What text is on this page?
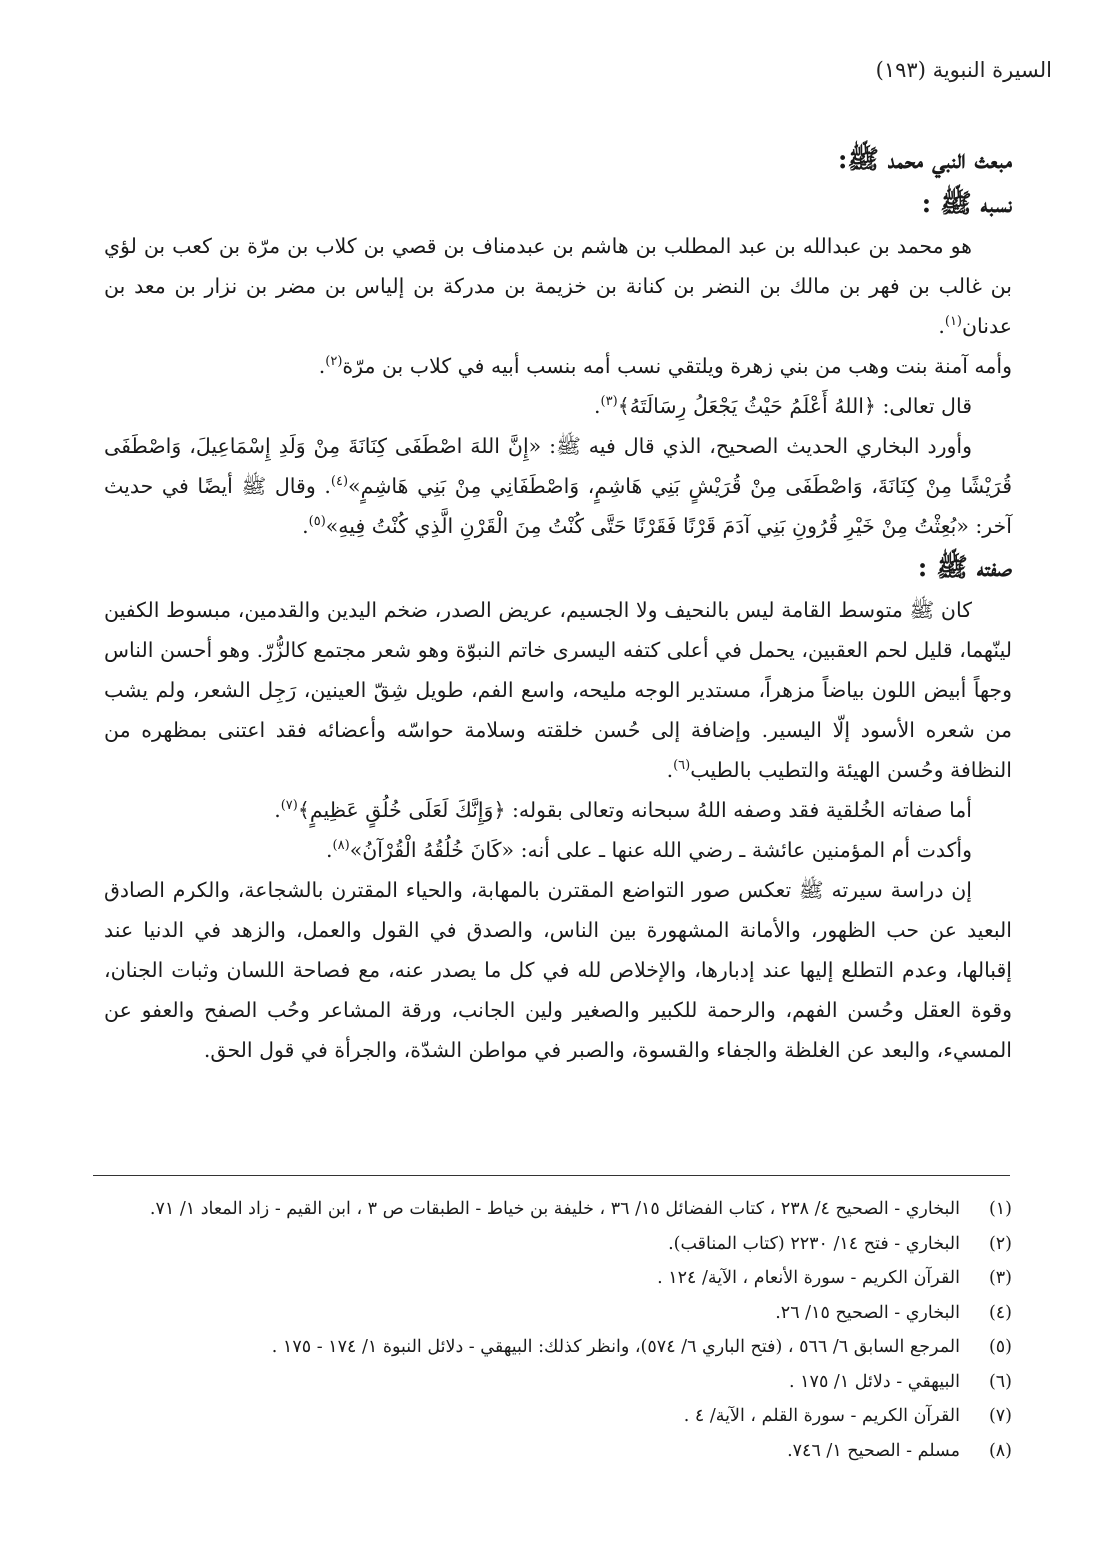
السيرة النبوية (١٩٣)
مبعث النبي محمد ﷺ:
نسبه ﷺ :

هو محمد بن عبدالله بن عبد المطلب بن هاشم بن عبدمناف بن قصي بن كلاب بن مرّة بن كعب بن لؤي بن غالب بن فهر بن مالك بن النضر بن كنانة بن خزيمة بن مدركة بن إلياس بن مضر بن نزار بن معد بن عدنان$^{(١)}$.

وأمه آمنة بنت وهب من بني زهرة ويلتقي نسب أمه بنسب أبيه في كلاب بن مرّة$^{(٢)}$.

قال تعالى: ﴿اللهُ أَعْلَمُ حَيْثُ يَجْعَلُ رِسَالَتَهُ﴾$^{(٣)}$.

وأورد البخاري الحديث الصحيح، الذي قال فيه ﷺ: «إِنَّ اللهَ اصْطَفَى كِنَانَةَ مِنْ وَلَدِ إِسْمَاعِيلَ، وَاصْطَفَى قُرَيْشًا مِنْ كِنَانَةَ، وَاصْطَفَى مِنْ قُرَيْشٍ بَنِي هَاشِمٍ، وَاصْطَفَانِي مِنْ بَنِي هَاشِمٍ»$^{(٤)}$. وقال ﷺ أيضًا في حديث آخر: «بُعِثْتُ مِنْ خَيْرِ قُرُونِ بَنِي آدَمَ قَرْنًا فَقَرْنًا حَتَّى كُنْتُ مِنَ الْقَرْنِ الَّذِي كُنْتُ فِيهِ»$^{(٥)}$.

صفته ﷺ :

كان ﷺ متوسط القامة ليس بالنحيف ولا الجسيم، عريض الصدر، ضخم اليدين والقدمين، مبسوط الكفين لينّهما، قليل لحم العقبين، يحمل في أعلى كتفه اليسرى خاتم النبوّة وهو شعر مجتمع كالزُّرّ. وهو أحسن الناس وجهاً أبيض اللون بياضاً مزهراً، مستدير الوجه مليحه، واسع الفم، طويل شِقّ العينين، رَجِل الشعر، ولم يشب من شعره الأسود إلّا اليسير. وإضافة إلى حُسن خلقته وسلامة حواسّه وأعضائه فقد اعتنى بمظهره من النظافة وحُسن الهيئة والتطيب بالطيب$^{(٦)}$.

أما صفاته الخُلقية فقد وصفه اللهُ سبحانه وتعالى بقوله: ﴿وَإِنَّكَ لَعَلَى خُلُقٍ عَظِيمٍ﴾$^{(٧)}$.

وأكدت أم المؤمنين عائشة ـ رضي الله عنها ـ على أنه: «كَانَ خُلُقُهُ الْقُرْآنُ»$^{(٨)}$.

إن دراسة سيرته ﷺ تعكس صور التواضع المقترن بالمهابة، والحياء المقترن بالشجاعة، والكرم الصادق البعيد عن حب الظهور، والأمانة المشهورة بين الناس، والصدق في القول والعمل، والزهد في الدنيا عند إقبالها، وعدم التطلع إليها عند إدبارها، والإخلاص لله في كل ما يصدر عنه، مع فصاحة اللسان وثبات الجنان، وقوة العقل وحُسن الفهم، والرحمة للكبير والصغير ولين الجانب، ورقة المشاعر وحُب الصفح والعفو عن المسيء، والبعد عن الغلظة والجفاء والقسوة، والصبر في مواطن الشدّة، والجرأة في قول الحق.

(١)البخاري - الصحيح ٤/ ٢٣٨ ، كتاب الفضائل ١٥/ ٣٦ ، خليفة بن خياط - الطبقات ص ٣ ، ابن القيم - زاد المعاد ١/ ٧١.
(٢)البخاري - فتح ١٤/ ٢٢٣٠ (كتاب المناقب).
(٣)القرآن الكريم - سورة الأنعام ، الآية/ ١٢٤ .
(٤)البخاري - الصحيح ١٥/ ٢٦.
(٥)المرجع السابق ٦/ ٥٦٦ ، (فتح الباري ٦/ ٥٧٤)، وانظر كذلك: البيهقي - دلائل النبوة ١/ ١٧٤ - ١٧٥ .
(٦)البيهقي - دلائل ١/ ١٧٥ .
(٧)القرآن الكريم - سورة القلم ، الآية/ ٤ .
(٨)مسلم - الصحيح ١/ ٧٤٦.
